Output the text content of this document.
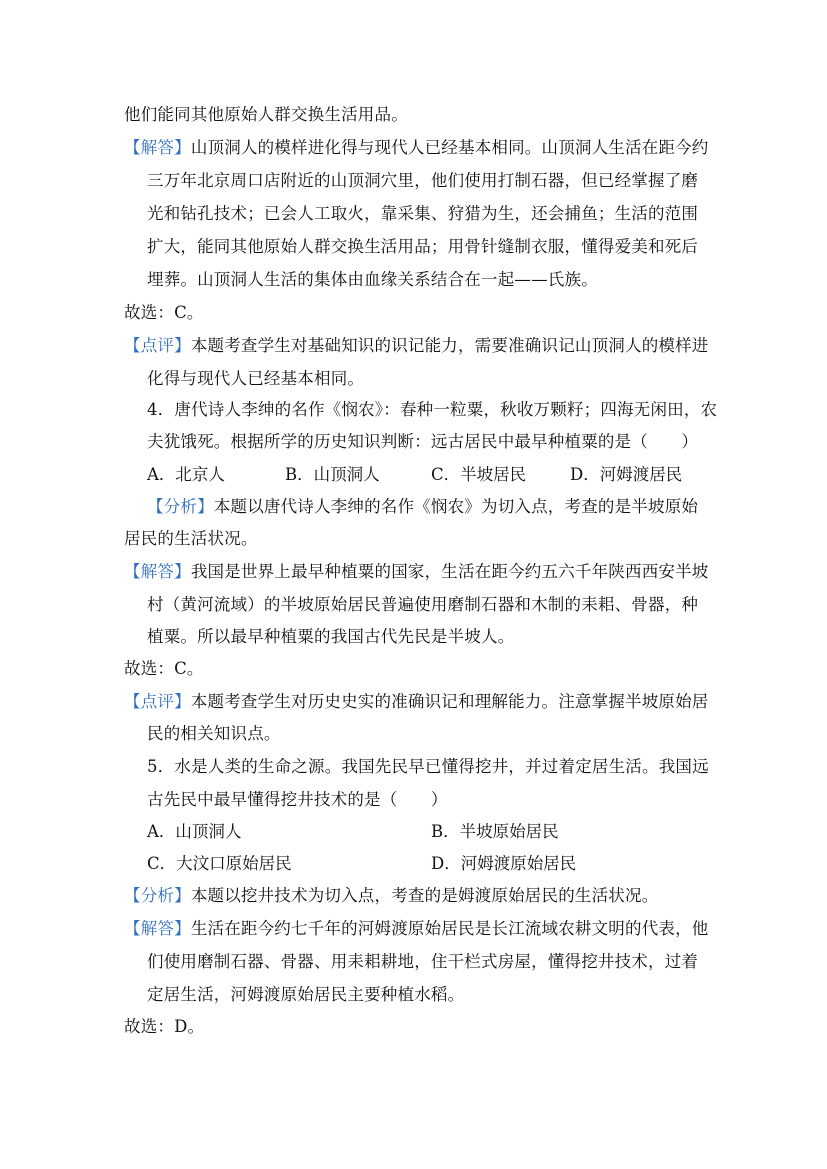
他们能同其他原始人群交换生活用品。
【解答】山顶洞人的模样进化得与现代人已经基本相同。山顶洞人生活在距今约
三万年北京周口店附近的山顶洞穴里，他们使用打制石器，但已经掌握了磨
光和钻孔技术；已会人工取火，靠采集、狩猎为生，还会捕鱼；生活的范围
扩大，能同其他原始人群交换生活用品；用骨针缝制衣服，懂得爱美和死后
埋葬。山顶洞人生活的集体由血缘关系结合在一起——氏族。
故选：C。
【点评】本题考查学生对基础知识的识记能力，需要准确识记山顶洞人的模样进
化得与现代人已经基本相同。
4．唐代诗人李绅的名作《悯农》：春种一粒粟，秋收万颗籽；四海无闲田，农
夫犹饿死。根据所学的历史知识判断：远古居民中最早种植粟的是（　　）
A．北京人	B．山顶洞人	C．半坡居民	D．河姆渡居民
【分析】本题以唐代诗人李绅的名作《悯农》为切入点，考查的是半坡原始
居民的生活状况。
【解答】我国是世界上最早种植粟的国家，生活在距今约五六千年陕西西安半坡
村（黄河流域）的半坡原始居民普遍使用磨制石器和木制的耒耜、骨器，种
植粟。所以最早种植粟的我国古代先民是半坡人。
故选：C。
【点评】本题考查学生对历史史实的准确识记和理解能力。注意掌握半坡原始居
民的相关知识点。
5．水是人类的生命之源。我国先民早已懂得挖井，并过着定居生活。我国远
古先民中最早懂得挖井技术的是（　　）
A．山顶洞人	B．半坡原始居民
C．大汶口原始居民	D．河姆渡原始居民
【分析】本题以挖井技术为切入点，考查的是姆渡原始居民的生活状况。
【解答】生活在距今约七千年的河姆渡原始居民是长江流域农耕文明的代表，他
们使用磨制石器、骨器、用耒耜耕地，住干栏式房屋，懂得挖井技术，过着
定居生活，河姆渡原始居民主要种植水稻。
故选：D。
